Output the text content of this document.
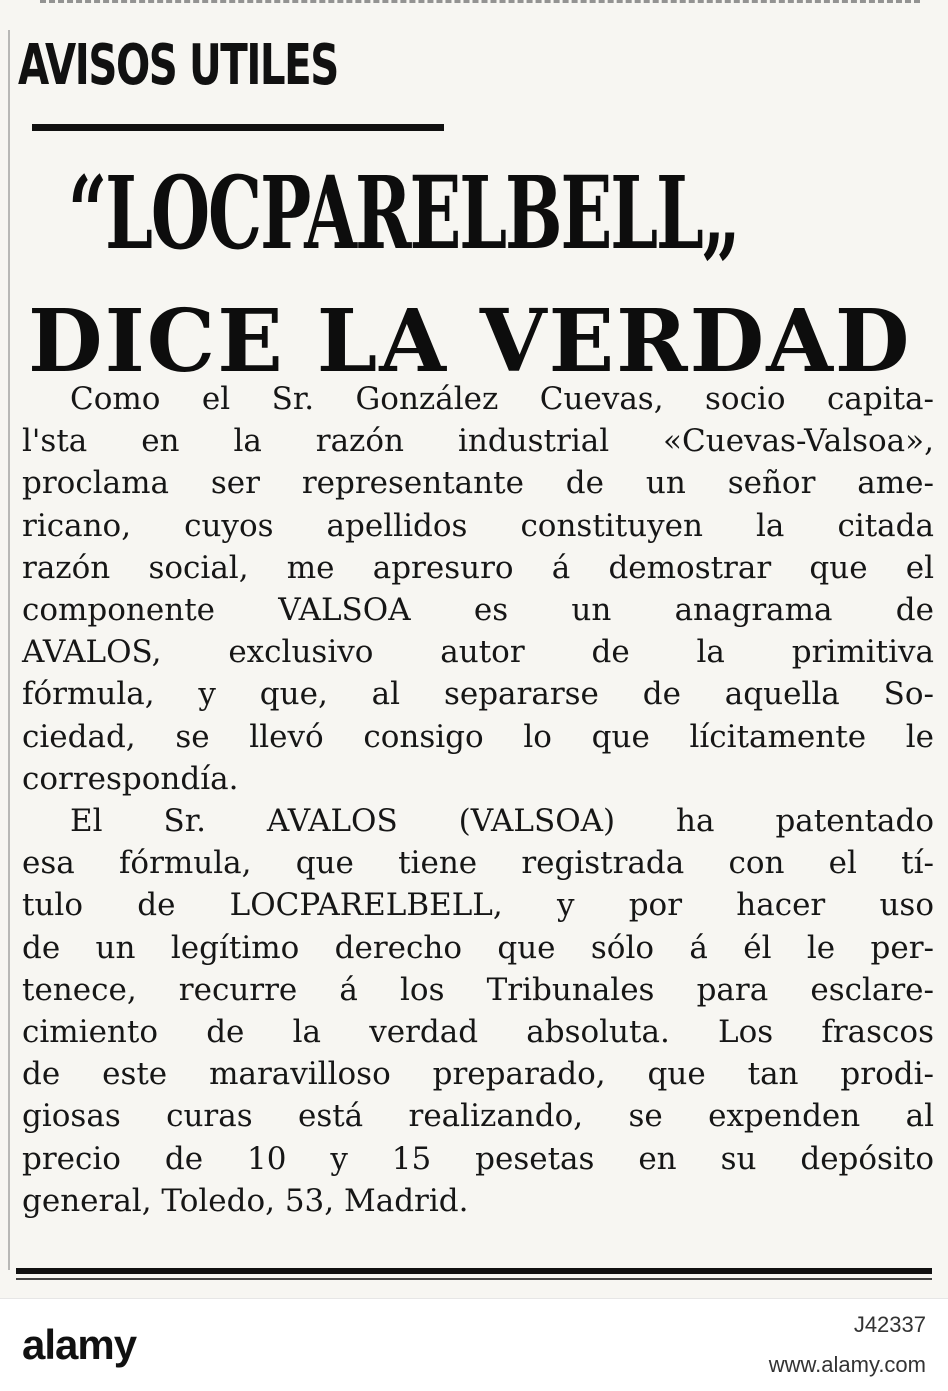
AVISOS UTILES
“LOCPARELBELL„
DICE LA VERDAD

Como el Sr. González Cuevas, socio capita-
l'sta en la razón industrial «Cuevas-Valsoa»,
proclama ser representante de un señor ame-
ricano, cuyos apellidos constituyen la citada
razón social, me apresuro á demostrar que el
componente VALSOA es un anagrama de
AVALOS, exclusivo autor de la primitiva
fórmula, y que, al separarse de aquella So-
ciedad, se llevó consigo lo que lícitamente le
correspondía.

El Sr. AVALOS (VALSOA) ha patentado
esa fórmula, que tiene registrada con el tí-
tulo de LOCPARELBELL, y por hacer uso
de un legítimo derecho que sólo á él le per-
tenece, recurre á los Tribunales para esclare-
cimiento de la verdad absoluta. Los frascos
de este maravilloso preparado, que tan prodi-
giosas curas está realizando, se expenden al
precio de 10 y 15 pesetas en su depósito
general, Toledo, 53, Madrid.

alamy	J42337
www.alamy.com
